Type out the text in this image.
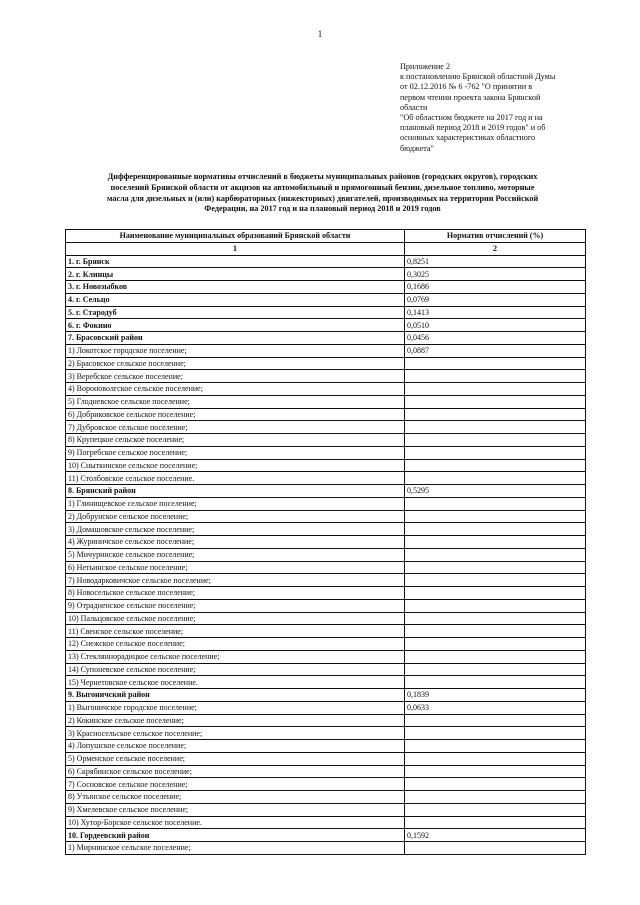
1
Приложение 2
к постановлению Брянской областной Думы
от 02.12.2016 № 6 -762 "О принятии в
первом чтении проекта закона Брянской
области
"Об областном бюджете на 2017 год и на
плановый период 2018 и 2019 годов" и об
основных характеристиках областного
бюджета"
Дифференцированные нормативы отчислений в бюджеты муниципальных районов (городских округов), городских
поселений Брянской области от акцизов на автомобильный и прямогонный бензин, дизельное топливо, моторные
масла для дизельных и (или) карбюраторных (инжекторных) двигателей, производимых на территории Российской
Федерации, на 2017 год и на плановый период 2018 и 2019 годов
Наименование муниципальных образований Брянской области	Норматив отчислений (%)
1	2
1. г. Брянск	0,8251
2. г. Клинцы	0,3025
3. г. Новозыбков	0,1686
4. г. Сельцо	0,0769
5. г. Стародуб	0,1413
6. г. Фокино	0,0510
7. Брасовский район	0,0456
1) Локотское городское поселение;	0,0887
2) Брасовское сельское поселение;	
3) Веребское сельское поселение;	
4) Вороноволгское сельское поселение;	
5) Глодневское сельское поселение;	
6) Добриковское сельское поселение;	
7) Дубровское сельское поселение;	
8) Крупецкое сельское поселение;	
9) Погребское сельское поселение;	
10) Сныткинское сельское поселение;	
11) Столбовское сельское поселение.	
8. Брянский район	0,5295
1) Глинищевское сельское поселение;	
2) Добрунское сельское поселение;	
3) Домашовское сельское поселение;	
4) Журиничское сельское поселение;	
5) Мичуринское сельское поселение;	
6) Нетьинское сельское поселение;	
7) Новодарковичское сельское поселение;	
8) Новосельское сельское поселение;	
9) Отрадненское сельское поселение;	
10) Пальцовское сельское поселение;	
11) Свенское сельское поселение;	
12) Снежское сельское поселение;	
13) Стекляннорадицкое сельское поселение;	
14) Супоневское сельское поселение;	
15) Чернетовское сельское поселение.	
9. Выгоничский район	0,1839
1) Выгоничское городское поселение;	0,0633
2) Кокинское сельское поселение;	
3) Красносельское сельское поселение;	
4) Лопушское сельское поселение;	
5) Орменское сельское поселение;	
6) Скрябинское сельское поселение;	
7) Сосновское сельское поселение;	
8) Утынское сельское поселение;	
9) Хмелевское сельское поселение;	
10) Хутор-Борское сельское поселение.	
10. Гордеевский район	0,1592
1) Мирнинское сельское поселение;	
